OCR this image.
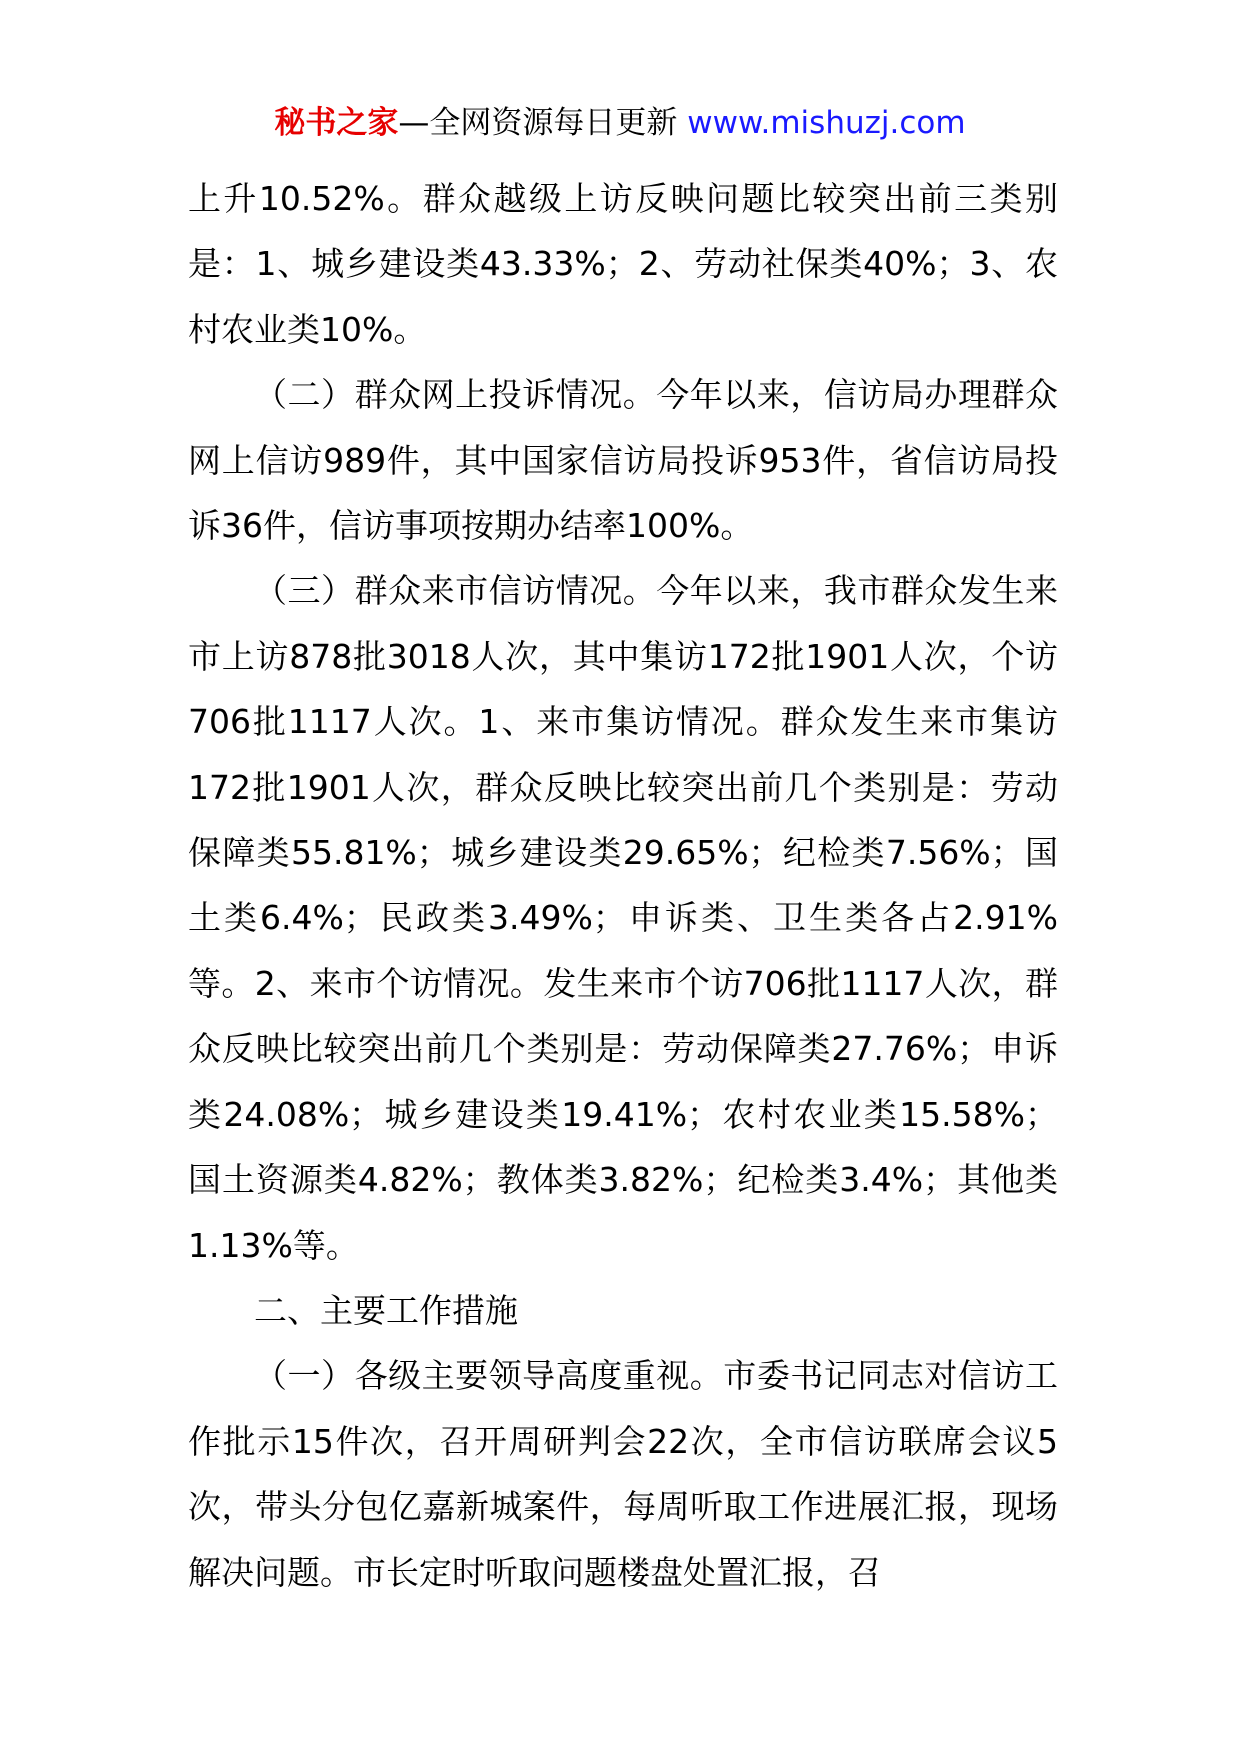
秘书之家—全网资源每日更新 www.mishuzj.com

上升10.52%。群众越级上访反映问题比较突出前三类别是：1、城乡建设类43.33%；2、劳动社保类40%；3、农村农业类10%。

（二）群众网上投诉情况。今年以来，信访局办理群众网上信访989件，其中国家信访局投诉953件，省信访局投诉36件，信访事项按期办结率100%。

（三）群众来市信访情况。今年以来，我市群众发生来市上访878批3018人次，其中集访172批1901人次，个访706批1117人次。1、来市集访情况。群众发生来市集访172批1901人次，群众反映比较突出前几个类别是：劳动保障类55.81%；城乡建设类29.65%；纪检类7.56%；国土类6.4%；民政类3.49%；申诉类、卫生类各占2.91%等。2、来市个访情况。发生来市个访706批1117人次，群众反映比较突出前几个类别是：劳动保障类27.76%；申诉类24.08%；城乡建设类19.41%；农村农业类15.58%；国土资源类4.82%；教体类3.82%；纪检类3.4%；其他类1.13%等。

二、主要工作措施

（一）各级主要领导高度重视。市委书记同志对信访工作批示15件次，召开周研判会22次，全市信访联席会议5次，带头分包亿嘉新城案件，每周听取工作进展汇报，现场解决问题。市长定时听取问题楼盘处置汇报，召
